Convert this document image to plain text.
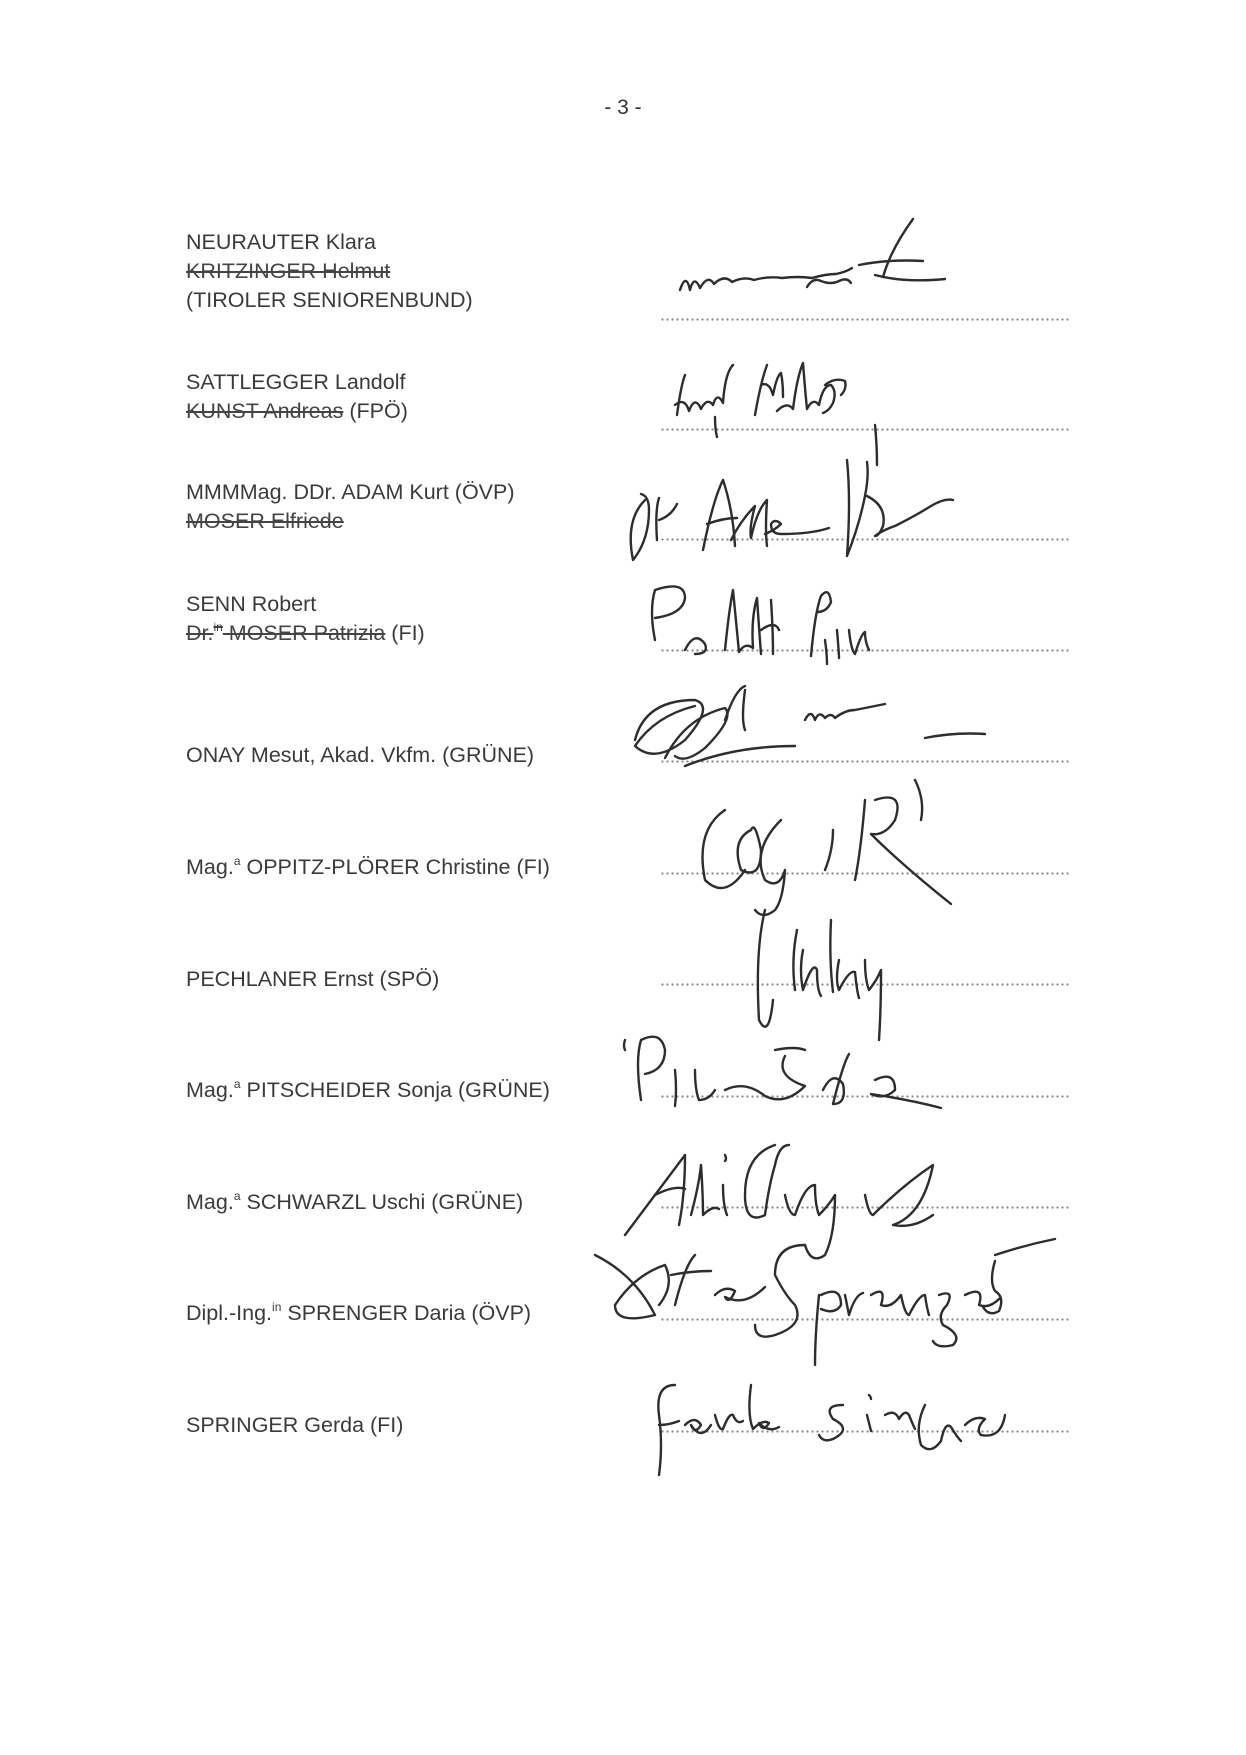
- 3 -
NEURAUTER Klara
KRITZINGER Helmut
(TIROLER SENIORENBUND)
SATTLEGGER Landolf
KUNST Andreas (FPÖ)
MMMMag. DDr. ADAM Kurt (ÖVP)
MOSER Elfriede
SENN Robert
Dr.$^{in}$ MOSER Patrizia (FI)
ONAY Mesut, Akad. Vkfm. (GRÜNE)
Mag.$^a$ OPPITZ-PLÖRER Christine (FI)
PECHLANER Ernst (SPÖ)
Mag.$^a$ PITSCHEIDER Sonja (GRÜNE)
Mag.$^a$ SCHWARZL Uschi (GRÜNE)
Dipl.-Ing.$^{in}$ SPRENGER Daria (ÖVP)
SPRINGER Gerda (FI)
